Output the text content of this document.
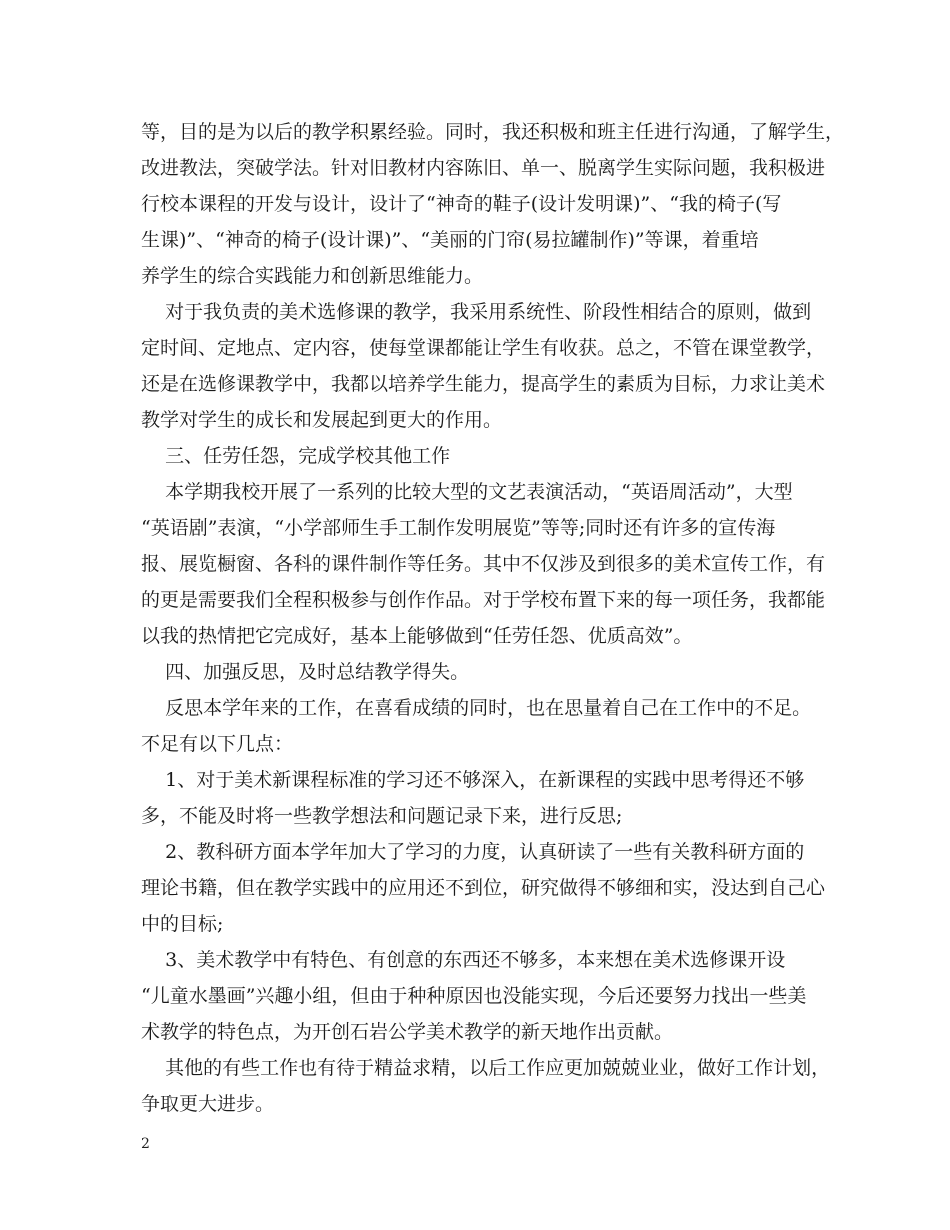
等，目的是为以后的教学积累经验。同时，我还积极和班主任进行沟通，了解学生，
改进教法，突破学法。针对旧教材内容陈旧、单一、脱离学生实际问题，我积极进
行校本课程的开发与设计，设计了“神奇的鞋子(设计发明课)”、“我的椅子(写
生课)”、“神奇的椅子(设计课)”、“美丽的门帘(易拉罐制作)”等课，着重培
养学生的综合实践能力和创新思维能力。
对于我负责的美术选修课的教学，我采用系统性、阶段性相结合的原则，做到
定时间、定地点、定内容，使每堂课都能让学生有收获。总之，不管在课堂教学，
还是在选修课教学中，我都以培养学生能力，提高学生的素质为目标，力求让美术
教学对学生的成长和发展起到更大的作用。
三、任劳任怨，完成学校其他工作
本学期我校开展了一系列的比较大型的文艺表演活动，“英语周活动”，大型
“英语剧”表演，“小学部师生手工制作发明展览”等等;同时还有许多的宣传海
报、展览橱窗、各科的课件制作等任务。其中不仅涉及到很多的美术宣传工作，有
的更是需要我们全程积极参与创作作品。对于学校布置下来的每一项任务，我都能
以我的热情把它完成好，基本上能够做到“任劳任怨、优质高效”。
四、加强反思，及时总结教学得失。
反思本学年来的工作，在喜看成绩的同时，也在思量着自己在工作中的不足。
不足有以下几点：
1、对于美术新课程标准的学习还不够深入，在新课程的实践中思考得还不够
多，不能及时将一些教学想法和问题记录下来，进行反思;
2、教科研方面本学年加大了学习的力度，认真研读了一些有关教科研方面的
理论书籍，但在教学实践中的应用还不到位，研究做得不够细和实，没达到自己心
中的目标;
3、美术教学中有特色、有创意的东西还不够多，本来想在美术选修课开设
“儿童水墨画”兴趣小组，但由于种种原因也没能实现，今后还要努力找出一些美
术教学的特色点，为开创石岩公学美术教学的新天地作出贡献。
其他的有些工作也有待于精益求精，以后工作应更加兢兢业业，做好工作计划，
争取更大进步。
2
